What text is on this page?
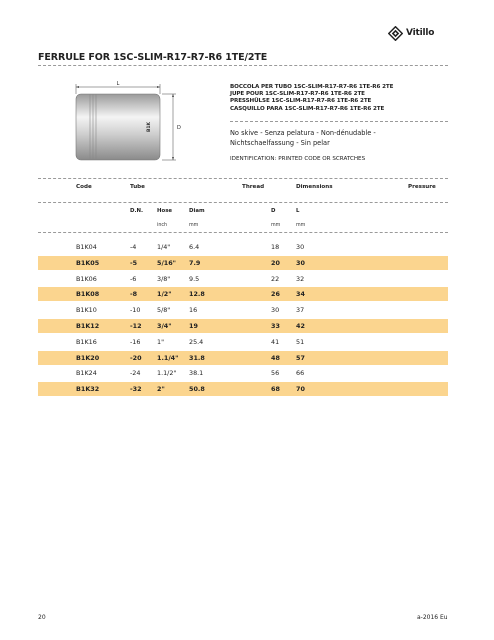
Vitillo
FERRULE FOR 1SC-SLIM-R17-R7-R6 1TE/2TE
L
B1K	D
BOCCOLA PER TUBO 1SC-SLIM-R17-R7-R6 1TE-R6 2TE
JUPE POUR 1SC-SLIM-R17-R7-R6 1TE-R6 2TE
PRESSHÜLSE 1SC-SLIM-R17-R7-R6 1TE-R6 2TE
CASQUILLO PARA 1SC-SLIM-R17-R7-R6 1TE-R6 2TE
No skive - Senza pelatura - Non-dénudable -
Nichtschaelfassung - Sin pelar
IDENTIFICATION: PRINTED CODE OR SCRATCHES
Code	Tube	Thread	Dimensions	Pressure
D.N.	Hose	Diam	D	L
inch	mm	mm	mm
B1K04	-4	1/4"	6.4	18	30
B1K05	-5	5/16" 7.9	20	30
B1K06	-6	3/8"	9.5	22	32
B1K08	-8	1/2"	12.8	26	34
B1K10	-10	5/8"	16	30	37
B1K12	-12 3/4"	19	33	42
B1K16	-16	1"	25.4	41	51
B1K20	-20 1.1/4" 31.8	48	57
B1K24	-24	1.1/2" 38.1	56	66
B1K32	-32 2"	50.8	68	70
20	a-2016 Eu
